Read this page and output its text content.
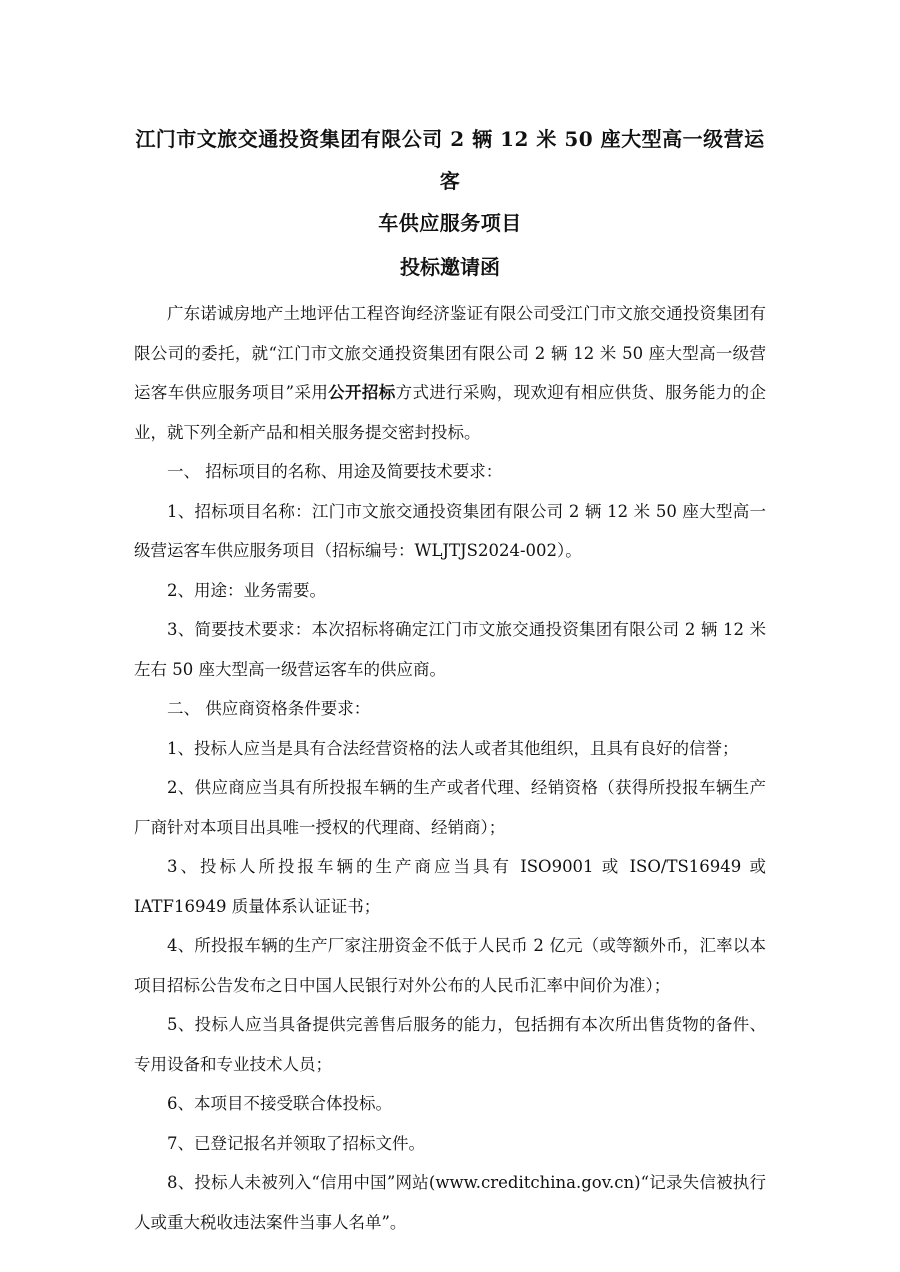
江门市文旅交通投资集团有限公司 2 辆 12 米 50 座大型高一级营运客
车供应服务项目
投标邀请函

广东诺诚房地产土地评估工程咨询经济鉴证有限公司受江门市文旅交通投资集团有限公司的委托，就“江门市文旅交通投资集团有限公司 2 辆 12 米 50 座大型高一级营运客车供应服务项目”采用公开招标方式进行采购，现欢迎有相应供货、服务能力的企业，就下列全新产品和相关服务提交密封投标。

一、 招标项目的名称、用途及简要技术要求：

1、招标项目名称：江门市文旅交通投资集团有限公司 2 辆 12 米 50 座大型高一级营运客车供应服务项目（招标编号：WLJTJS2024-002）。

2、用途：业务需要。

3、简要技术要求：本次招标将确定江门市文旅交通投资集团有限公司 2 辆 12 米左右 50 座大型高一级营运客车的供应商。

二、 供应商资格条件要求：

1、投标人应当是具有合法经营资格的法人或者其他组织，且具有良好的信誉；

2、供应商应当具有所投报车辆的生产或者代理、经销资格（获得所投报车辆生产厂商针对本项目出具唯一授权的代理商、经销商）；

3、投标人所投报车辆的生产商应当具有 ISO9001 或 ISO/TS16949 或 IATF16949 质量体系认证证书；

4、所投报车辆的生产厂家注册资金不低于人民币 2 亿元（或等额外币，汇率以本项目招标公告发布之日中国人民银行对外公布的人民币汇率中间价为准）；

5、投标人应当具备提供完善售后服务的能力，包括拥有本次所出售货物的备件、专用设备和专业技术人员；

6、本项目不接受联合体投标。

7、已登记报名并领取了招标文件。

8、投标人未被列入“信用中国”网站(www.creditchina.gov.cn)“记录失信被执行人或重大税收违法案件当事人名单”。
